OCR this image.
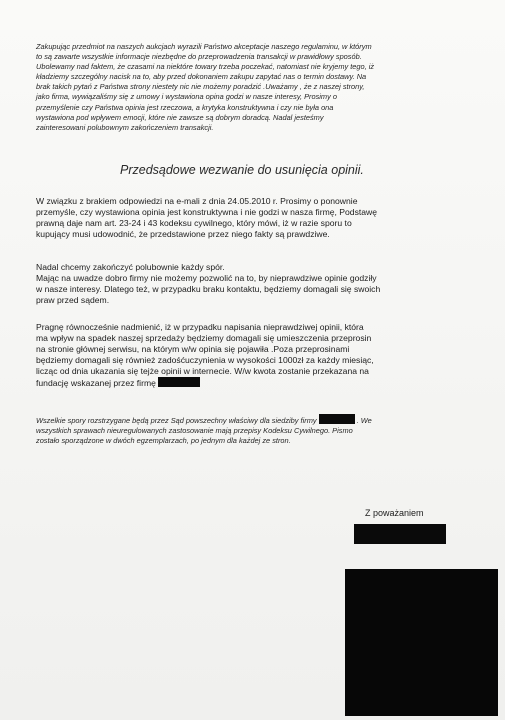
Zakupując przedmiot na naszych aukcjach wyrazili Państwo akceptacje naszego regulaminu, w którym
to są zawarte wszystkie informacje niezbędne do przeprowadzenia transakcji w prawidłowy sposób.
Ubolewamy nad faktem, że czasami na niektóre towary trzeba poczekać, natomiast nie kryjemy tego, iż
kładziemy szczególny nacisk na to, aby przed dokonaniem zakupu zapytać nas o termin dostawy. Na
brak takich pytań z Państwa strony niestety nic nie możemy poradzić .Uważamy , że z naszej strony,
jako firma, wywiązaliśmy się z umowy i wystawiona opina godzi w nasze interesy, Prosimy o
przemyślenie czy Państwa opinia jest rzeczowa, a krytyka konstruktywna i czy nie była ona
wystawiona pod wpływem emocji, które nie zawsze są dobrym doradcą. Nadal jesteśmy
zainteresowani polubownym zakończeniem transakcji.
Przedsądowe wezwanie do usunięcia opinii.
W związku z brakiem odpowiedzi na e-mali z dnia 24.05.2010 r. Prosimy o ponownie
przemyśle, czy wystawiona opinia jest konstruktywna i nie godzi w nasza firmę, Podstawę
prawną daje nam art. 23-24 i 43 kodeksu cywilnego, który mówi, iż w razie sporu to
kupujący musi udowodnić, że przedstawione przez niego fakty są prawdziwe.
Nadal chcemy zakończyć polubownie każdy spór.
Mając na uwadze dobro firmy nie możemy pozwolić na to, by nieprawdziwe opinie godziły
w nasze interesy. Dlatego też, w przypadku braku kontaktu, będziemy domagali się swoich
praw przed sądem.
Pragnę równocześnie nadmienić, iż w przypadku napisania nieprawdziwej opinii, która
ma wpływ na spadek naszej sprzedaży będziemy domagali się umieszczenia przeprosin
na stronie głównej serwisu, na którym w/w opinia się pojawiła .Poza przeprosinami
będziemy domagali się również zadośćuczynienia w wysokości 1000zł za każdy miesiąc,
licząc od dnia ukazania się tejże opinii w internecie. W/w kwota zostanie przekazana na
fundację wskazanej przez firmę
Wszelkie spory rozstrzygane będą przez Sąd powszechny właściwy dla siedziby firmy	. We
wszystkich sprawach nieuregulowanych zastosowanie mają przepisy Kodeksu Cywilnego. Pismo
zostało sporządzone w dwóch egzemplarzach, po jednym dla każdej ze stron.
Z poważaniem
